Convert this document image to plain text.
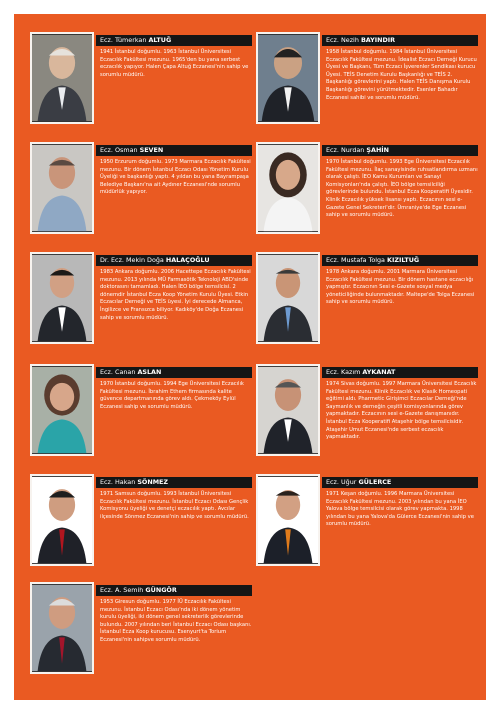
Ecz. Tümerkan ALTUĞ

1941 İstanbul doğumlu. 1963 İstanbul Üniversitesi Eczacılık Fakültesi mezunu. 1965'den bu yana serbest eczacılık yapıyor. Halen Çapa Altuğ Eczanesi'nin sahip ve sorumlu müdürü.

Ecz. Nezih BAYINDIR

1958 İstanbul doğumlu. 1984 İstanbul Üniversitesi Eczacılık Fakültesi mezunu. İdealist Eczacı Derneği Kurucu Üyesi ve Başkanı, Tüm Eczacı İşverenler Sendikası kurucu Üyesi. TEİS Denetim Kurulu Başkanlığı ve TEİS 2. Başkanlığı görevlerini yaptı. Halen TEİS Danışma Kurulu Başkanlığı görevini yürütmektedir. Esenler Bahadır Eczanesi sahibi ve sorumlu müdürü.

Ecz. Osman SEVEN

1950 Erzurum doğumlu. 1973 Marmara Eczacılık Fakültesi mezunu. Bir dönem İstanbul Eczacı Odası Yönetim Kurulu Üyeliği ve başkanlığı yaptı. 4 yıldan bu yana Bayrampaşa Belediye Başkanı'na ait Aydıner Eczanesi'nde sorumlu müdürlük yapıyor.

Ecz. Nurdan ŞAHİN

1970 İstanbul doğumlu. 1993 Ege Üniversitesi Eczacılık Fakültesi mezunu. İlaç sanayisinde ruhsatlandırma uzmanı olarak çalıştı. İEO Kamu Kurumları ve Sanayi Komisyonları'nda çalıştı. İEO bölge temsilciliği görevlerinde bulundu. İstanbul Ecza Kooperatifi Üyesidir. Klinik Eczacılık yüksek lisansı yaptı. Eczacının sesi e-Gazete Genel Sekreteri'dir. Ümraniye'de Ege Eczanesi sahip ve sorumlu müdürü.

Dr. Ecz. Mekin Doğa HALAÇOĞLU

1983 Ankara doğumlu. 2006 Hacettepe Eczacılık Fakültesi mezunu. 2013 yılında MÜ Farmasötik Teknoloji ABD'sinde doktorasını tamamladı. Halen İEO bölge temsilcisi. 2 dönemdir İstanbul Ecza Koop Yönetim Kurulu Üyesi. Etkin Eczacılar Derneği ve TEİS üyesi. İyi derecede Almanca, İngilizce ve Fransızca biliyor. Kadıköy'de Doğa Eczanesi sahip ve sorumlu müdürü.

Ecz. Mustafa Tolga KIZILTUĞ

1978 Ankara doğumlu. 2001 Marmara Üniversitesi Eczacılık Fakültesi mezunu. Bir dönem hastane eczacılığı yapmıştır. Eczacının Sesi e-Gazete sosyal medya yöneticiliğinde bulunmaktadır. Maltepe'de Tolga Eczanesi sahip ve sorumlu müdürü.

Ecz. Canan ASLAN

1970 İstanbul doğumlu. 1994 Ege Üniversitesi Eczacılık Fakültesi mezunu. İbrahim Ethem firmasında kalite güvence departmanında görev aldı. Çekmeköy Eylül Eczanesi sahip ve sorumlu müdürü.

Ecz. Kazım AYKANAT

1974 Sivas doğumlu. 1997 Marmara Üniversitesi Eczacılık Fakültesi mezunu. Klinik Eczacılık ve Klasik Homeopati eğitimi aldı. Pharmetic Girişimci Eczacılar Derneği'nde Saymanlık ve derneğin çeşitli komisyonlarında görev yapmaktadır. Eczacının sesi e-Gazete danışmanıdır. İstanbul Ecza Kooperatifi Ataşehir bölge temsilcisidir. Ataşehir Umut Eczanesi'nde serbest eczacılık yapmaktadır.

Ecz. Hakan SÖNMEZ

1971 Samsun doğumlu. 1993 İstanbul Üniversitesi Eczacılık Fakültesi mezunu. İstanbul Eczacı Odası Gençlik Komisyonu üyeliği ve denetçi eczacılık yaptı. Avcılar ilçesinde Sönmez Eczanesi'nin sahip ve sorumlu müdürü.

Ecz. Uğur GÜLERCE

1971 Keşan doğumlu. 1996 Marmara Üniversitesi Eczacılık Fakültesi mezunu. 2003 yılından bu yana İEO Yalova bölge temsilcisi olarak görev yapmakta. 1998 yılından bu yana Yalova'da Gülerce Eczanesi'nin sahip ve sorumlu müdürü.

Ecz. A. Semih GÜNGÖR

1953 Giresun doğumlu. 1977 İÜ Eczacılık Fakültesi mezunu. İstanbul Eczacı Odası'nda iki dönem yönetim kurulu üyeliği, iki dönem genel sekreterlik görevlerinde bulundu. 2007 yılından beri İstanbul Eczacı Odası başkanı. İstanbul Ecza Koop kurucusu. Esenyurt'ta Torium Eczanesi'nin sahipve sorumlu müdürü.
